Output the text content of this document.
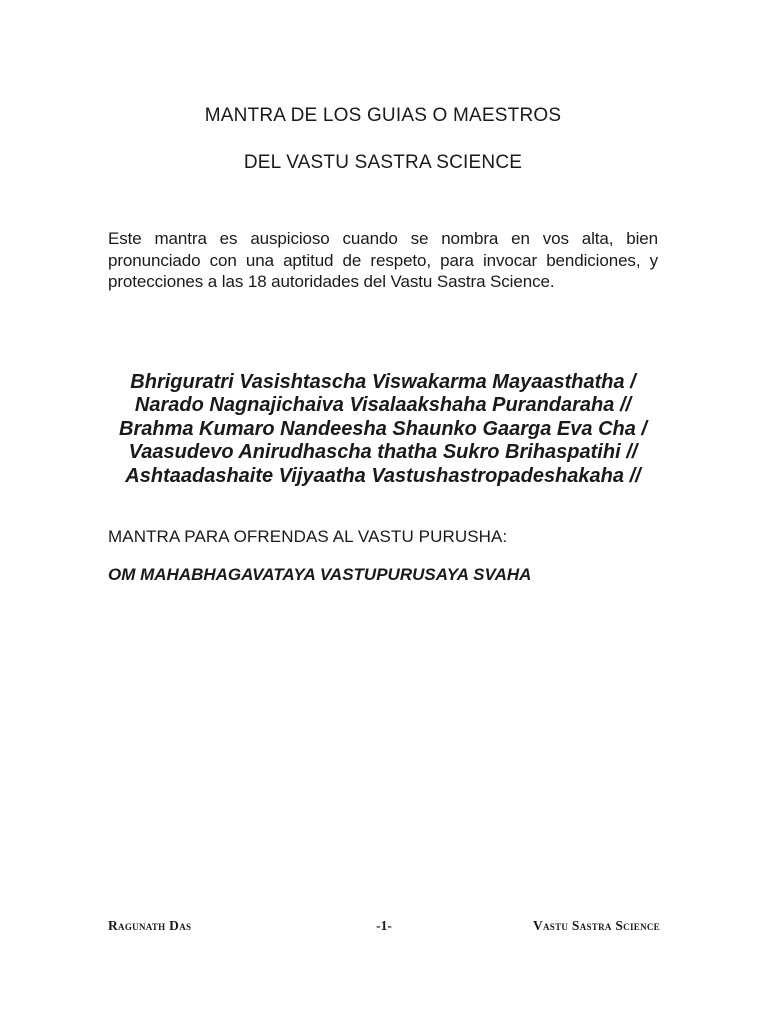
MANTRA DE LOS GUIAS O MAESTROS
DEL VASTU SASTRA SCIENCE
Este mantra es auspicioso cuando se nombra en vos alta, bien
pronunciado con una aptitud de respeto, para invocar bendiciones, y
protecciones a las 18 autoridades del Vastu Sastra Science.
Bhriguratri Vasishtascha Viswakarma Mayaasthatha /
Narado Nagnajichaiva Visalaakshaha Purandaraha //
Brahma Kumaro Nandeesha Shaunko Gaarga Eva Cha /
Vaasudevo Anirudhascha thatha Sukro Brihaspatihi //
Ashtaadashaite Vijyaatha Vastushastropadeshakaha //
MANTRA PARA OFRENDAS AL VASTU PURUSHA:
OM MAHABHAGAVATAYA VASTUPURUSAYA SVAHA
Ragunath Das	-1-	Vastu Sastra Science
